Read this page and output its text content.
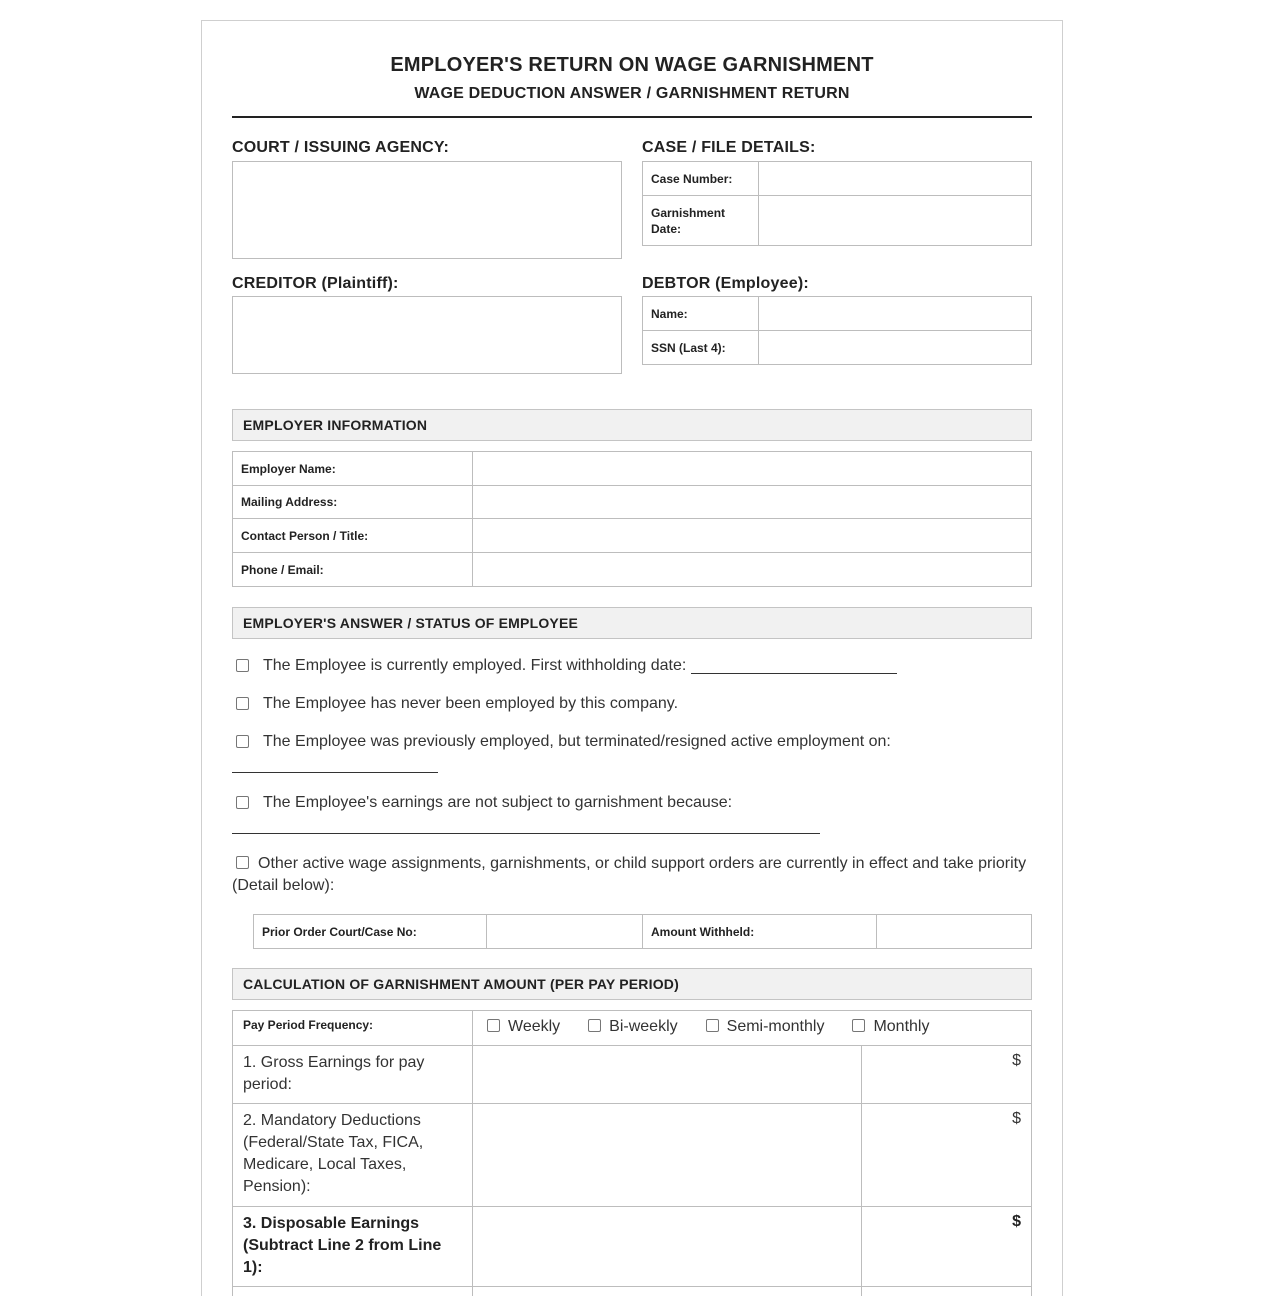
EMPLOYER'S RETURN ON WAGE GARNISHMENT
WAGE DEDUCTION ANSWER / GARNISHMENT RETURN
COURT / ISSUING AGENCY:	CASE / FILE DETAILS:
Case Number:	
Garnishment Date:	
CREDITOR (Plaintiff):	DEBTOR (Employee):
Name:	
SSN (Last 4):	
EMPLOYER INFORMATION
Employer Name:	
Mailing Address:	
Contact Person / Title:	
Phone / Email:	
EMPLOYER'S ANSWER / STATUS OF EMPLOYEE
The Employee is currently employed. First withholding date:
The Employee has never been employed by this company.
The Employee was previously employed, but terminated/resigned active employment on:
The Employee's earnings are not subject to garnishment because:
Other active wage assignments, garnishments, or child support orders are currently in effect and take priority (Detail below):
Prior Order Court/Case No:		Amount Withheld:	
CALCULATION OF GARNISHMENT AMOUNT (PER PAY PERIOD)
Pay Period Frequency:	Weekly Bi-weekly Semi-monthly Monthly	
1. Gross Earnings for pay period:		$
2. Mandatory Deductions (Federal/State Tax, FICA, Medicare, Local Taxes, Pension):		$
3. Disposable Earnings (Subtract Line 2 from Line 1):		$
